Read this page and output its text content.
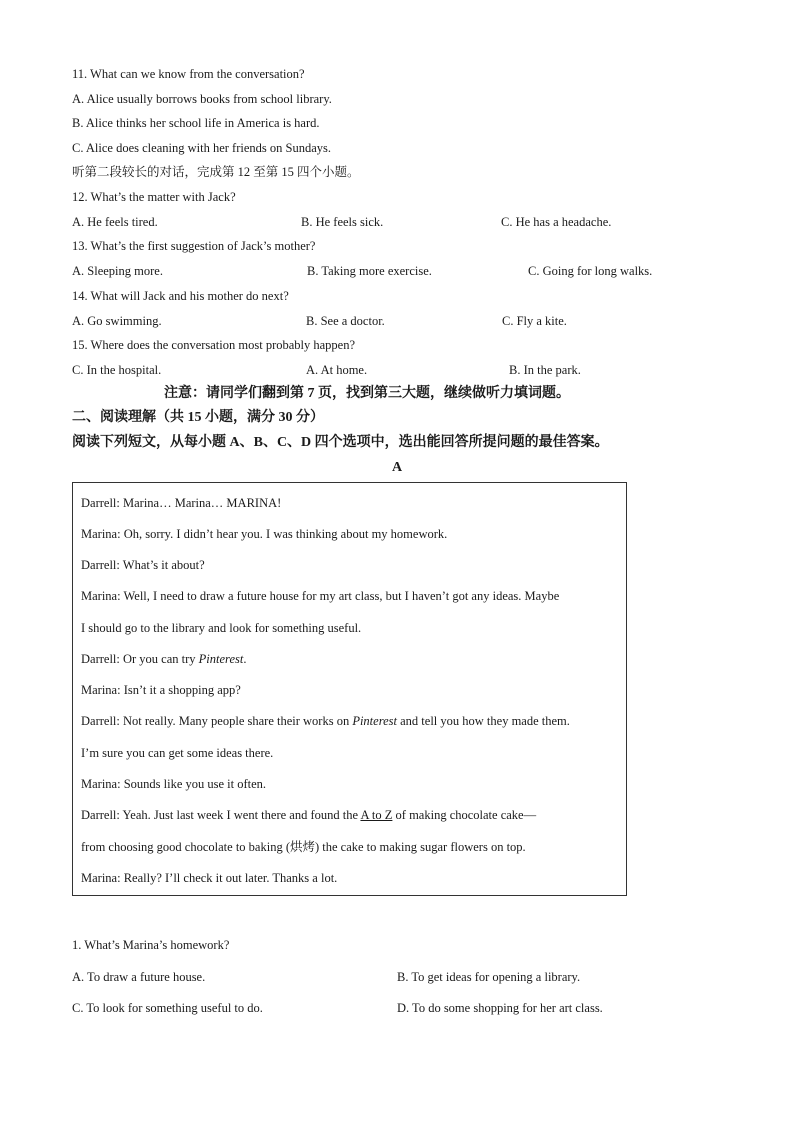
11. What can we know from the conversation?
A. Alice usually borrows books from school library.
B. Alice thinks her school life in America is hard.
C. Alice does cleaning with her friends on Sundays.
听第二段较长的对话，完成第 12 至第 15 四个小题。
12. What’s the matter with Jack?
A. He feels tired.	B. He feels sick.	C. He has a headache.
13. What’s the first suggestion of Jack’s mother?
A. Sleeping more.	B. Taking more exercise.	C. Going for long walks.
14. What will Jack and his mother do next?
A. Go swimming.	B. See a doctor.	C. Fly a kite.
15. Where does the conversation most probably happen?
C. In the hospital.	A. At home.	B. In the park.
注意：请同学们翻到第 7 页，找到第三大题，继续做听力填词题。
二、阅读理解（共 15 小题，满分 30 分）
阅读下列短文，从每小题 A、B、C、D 四个选项中，选出能回答所提问题的最佳答案。
A
Darrell: Marina… Marina… MARINA!
Marina: Oh, sorry. I didn’t hear you. I was thinking about my homework.
Darrell: What’s it about?
Marina: Well, I need to draw a future house for my art class, but I haven’t got any ideas. Maybe
I should go to the library and look for something useful.
Darrell: Or you can try Pinterest.
Marina: Isn’t it a shopping app?
Darrell: Not really. Many people share their works on Pinterest and tell you how they made them.
I’m sure you can get some ideas there.
Marina: Sounds like you use it often.
Darrell: Yeah. Just last week I went there and found the A to Z of making chocolate cake—
from choosing good chocolate to baking (烘烤) the cake to making sugar flowers on top.
Marina: Really? I’ll check it out later. Thanks a lot.
1. What’s Marina’s homework?
A. To draw a future house.	B. To get ideas for opening a library.
C. To look for something useful to do.	D. To do some shopping for her art class.
